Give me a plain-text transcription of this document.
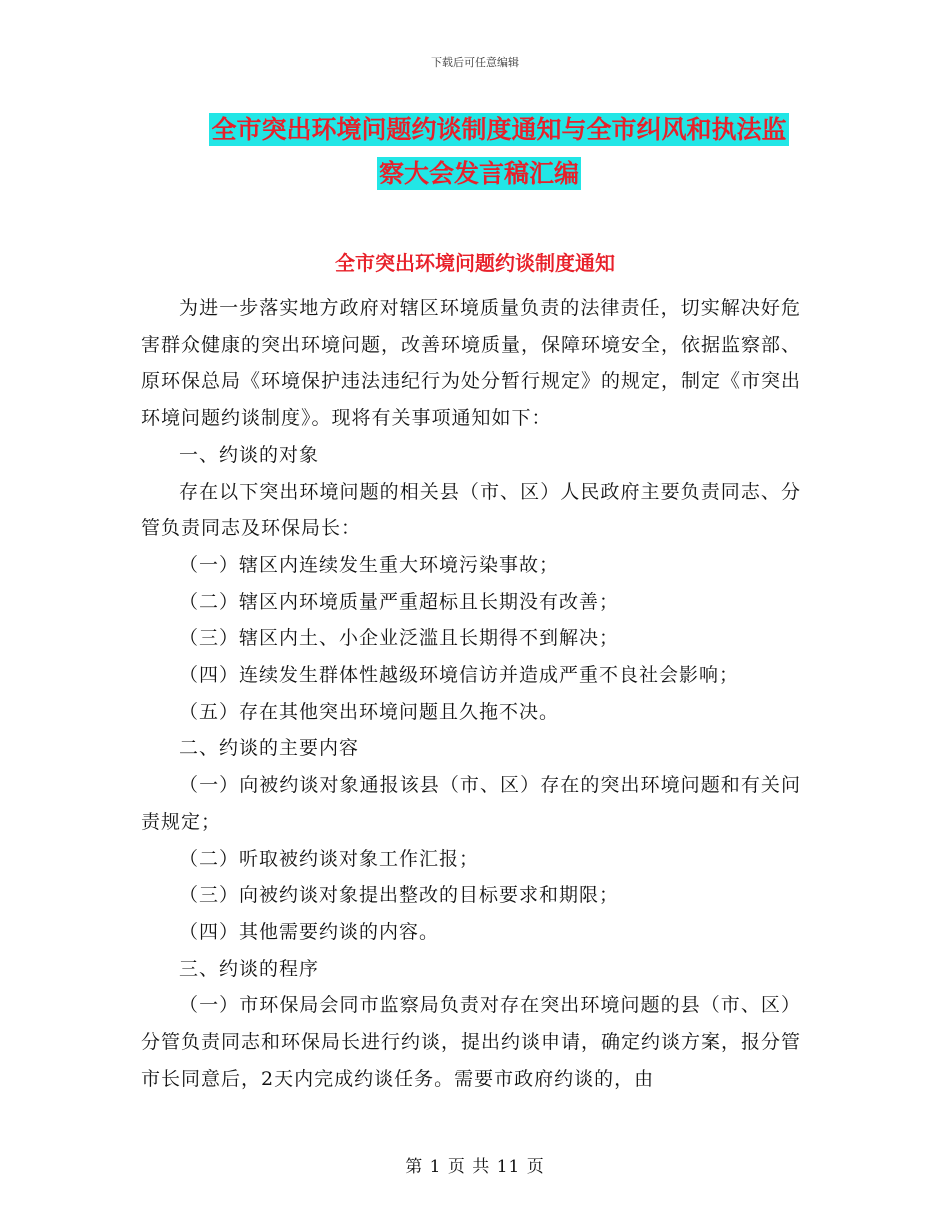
下载后可任意编辑
全市突出环境问题约谈制度通知与全市纠风和执法监
察大会发言稿汇编
全市突出环境问题约谈制度通知

为进一步落实地方政府对辖区环境质量负责的法律责任，切实解决好危害群众健康的突出环境问题，改善环境质量，保障环境安全，依据监察部、原环保总局《环境保护违法违纪行为处分暂行规定》的规定，制定《市突出环境问题约谈制度》。现将有关事项通知如下：

一、约谈的对象

存在以下突出环境问题的相关县（市、区）人民政府主要负责同志、分管负责同志及环保局长：

（一）辖区内连续发生重大环境污染事故；

（二）辖区内环境质量严重超标且长期没有改善；

（三）辖区内土、小企业泛滥且长期得不到解决；

（四）连续发生群体性越级环境信访并造成严重不良社会影响；

（五）存在其他突出环境问题且久拖不决。

二、约谈的主要内容

（一）向被约谈对象通报该县（市、区）存在的突出环境问题和有关问责规定；

（二）听取被约谈对象工作汇报；

（三）向被约谈对象提出整改的目标要求和期限；

（四）其他需要约谈的内容。

三、约谈的程序

（一）市环保局会同市监察局负责对存在突出环境问题的县（市、区）分管负责同志和环保局长进行约谈，提出约谈申请，确定约谈方案，报分管市长同意后，2天内完成约谈任务。需要市政府约谈的，由

第 1 页 共 11 页
